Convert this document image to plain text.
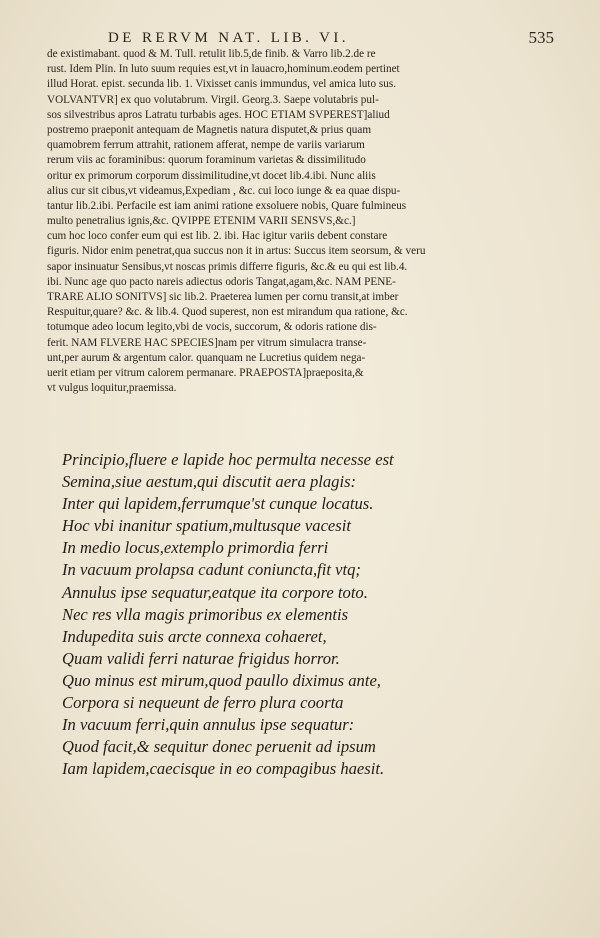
DE RERVM NAT. LIB. VI.	535
de existimabant. quod & M. Tull. retulit lib.5,de finib. & Varro lib.2.de re
rust. Idem Plin. In luto suum requies est,vt in lauacro,hominum.eodem pertinet
illud Horat. epist. secunda lib. 1. Vixisset canis immundus, vel amica luto sus.
VOLVANTVR] ex quo volutabrum. Virgil. Georg.3. Saepe volutabris pul-
sos silvestribus apros Latratu turbabis ages. HOC ETIAM SVPEREST]aliud
postremo praeponit antequam de Magnetis natura disputet,& prius quam
quamobrem ferrum attrahit, rationem afferat, nempe de variis variarum
rerum viis ac foraminibus: quorum foraminum varietas & dissimilitudo
oritur ex primorum corporum dissimilitudine,vt docet lib.4.ibi. Nunc aliis
alius cur sit cibus,vt videamus,Expediam , &c. cui loco iunge & ea quae dispu-
tantur lib.2.ibi. Perfacile est iam animi ratione exsoluere nobis, Quare fulmineus
multo penetralius ignis,&c. QVIPPE ETENIM VARII SENSVS,&c.]
cum hoc loco confer eum qui est lib. 2. ibi. Hac igitur variis debent constare
figuris. Nidor enim penetrat,qua succus non it in artus: Succus item seorsum, & veru
sapor insinuatur Sensibus,vt noscas primis differre figuris, &c.& eu qui est lib.4.
ibi. Nunc age quo pacto nareis adiectus odoris Tangat,agam,&c. NAM PENE-
TRARE ALIO SONITVS] sic lib.2. Praeterea lumen per cornu transit,at imber
Respuitur,quare? &c. & lib.4. Quod superest, non est mirandum qua ratione, &c.
totumque adeo locum legito,vbi de vocis, succorum, & odoris ratione dis-
ferit. NAM FLVERE HAC SPECIES]nam per vitrum simulacra transe-
unt,per aurum & argentum calor. quanquam ne Lucretius quidem nega-
uerit etiam per vitrum calorem permanare. PRAEPOSTA]praeposita,&
vt vulgus loquitur,praemissa.
Principio,fluere e lapide hoc permulta necesse est
Semina,siue aestum,qui discutit aera plagis:
Inter qui lapidem,ferrumque'st cunque locatus.
Hoc vbi inanitur spatium,multusque vacesit
In medio locus,extemplo primordia ferri
In vacuum prolapsa cadunt coniuncta,fit vtq;
Annulus ipse sequatur,eatque ita corpore toto.
Nec res vlla magis primoribus ex elementis
Indupedita suis arcte connexa cohaeret,
Quam validi ferri naturae frigidus horror.
Quo minus est mirum,quod paullo diximus ante,
Corpora si nequeunt de ferro plura coorta
In vacuum ferri,quin annulus ipse sequatur:
Quod facit,& sequitur donec peruenit ad ipsum
Iam lapidem,caecisque in eo compagibus haesit.
